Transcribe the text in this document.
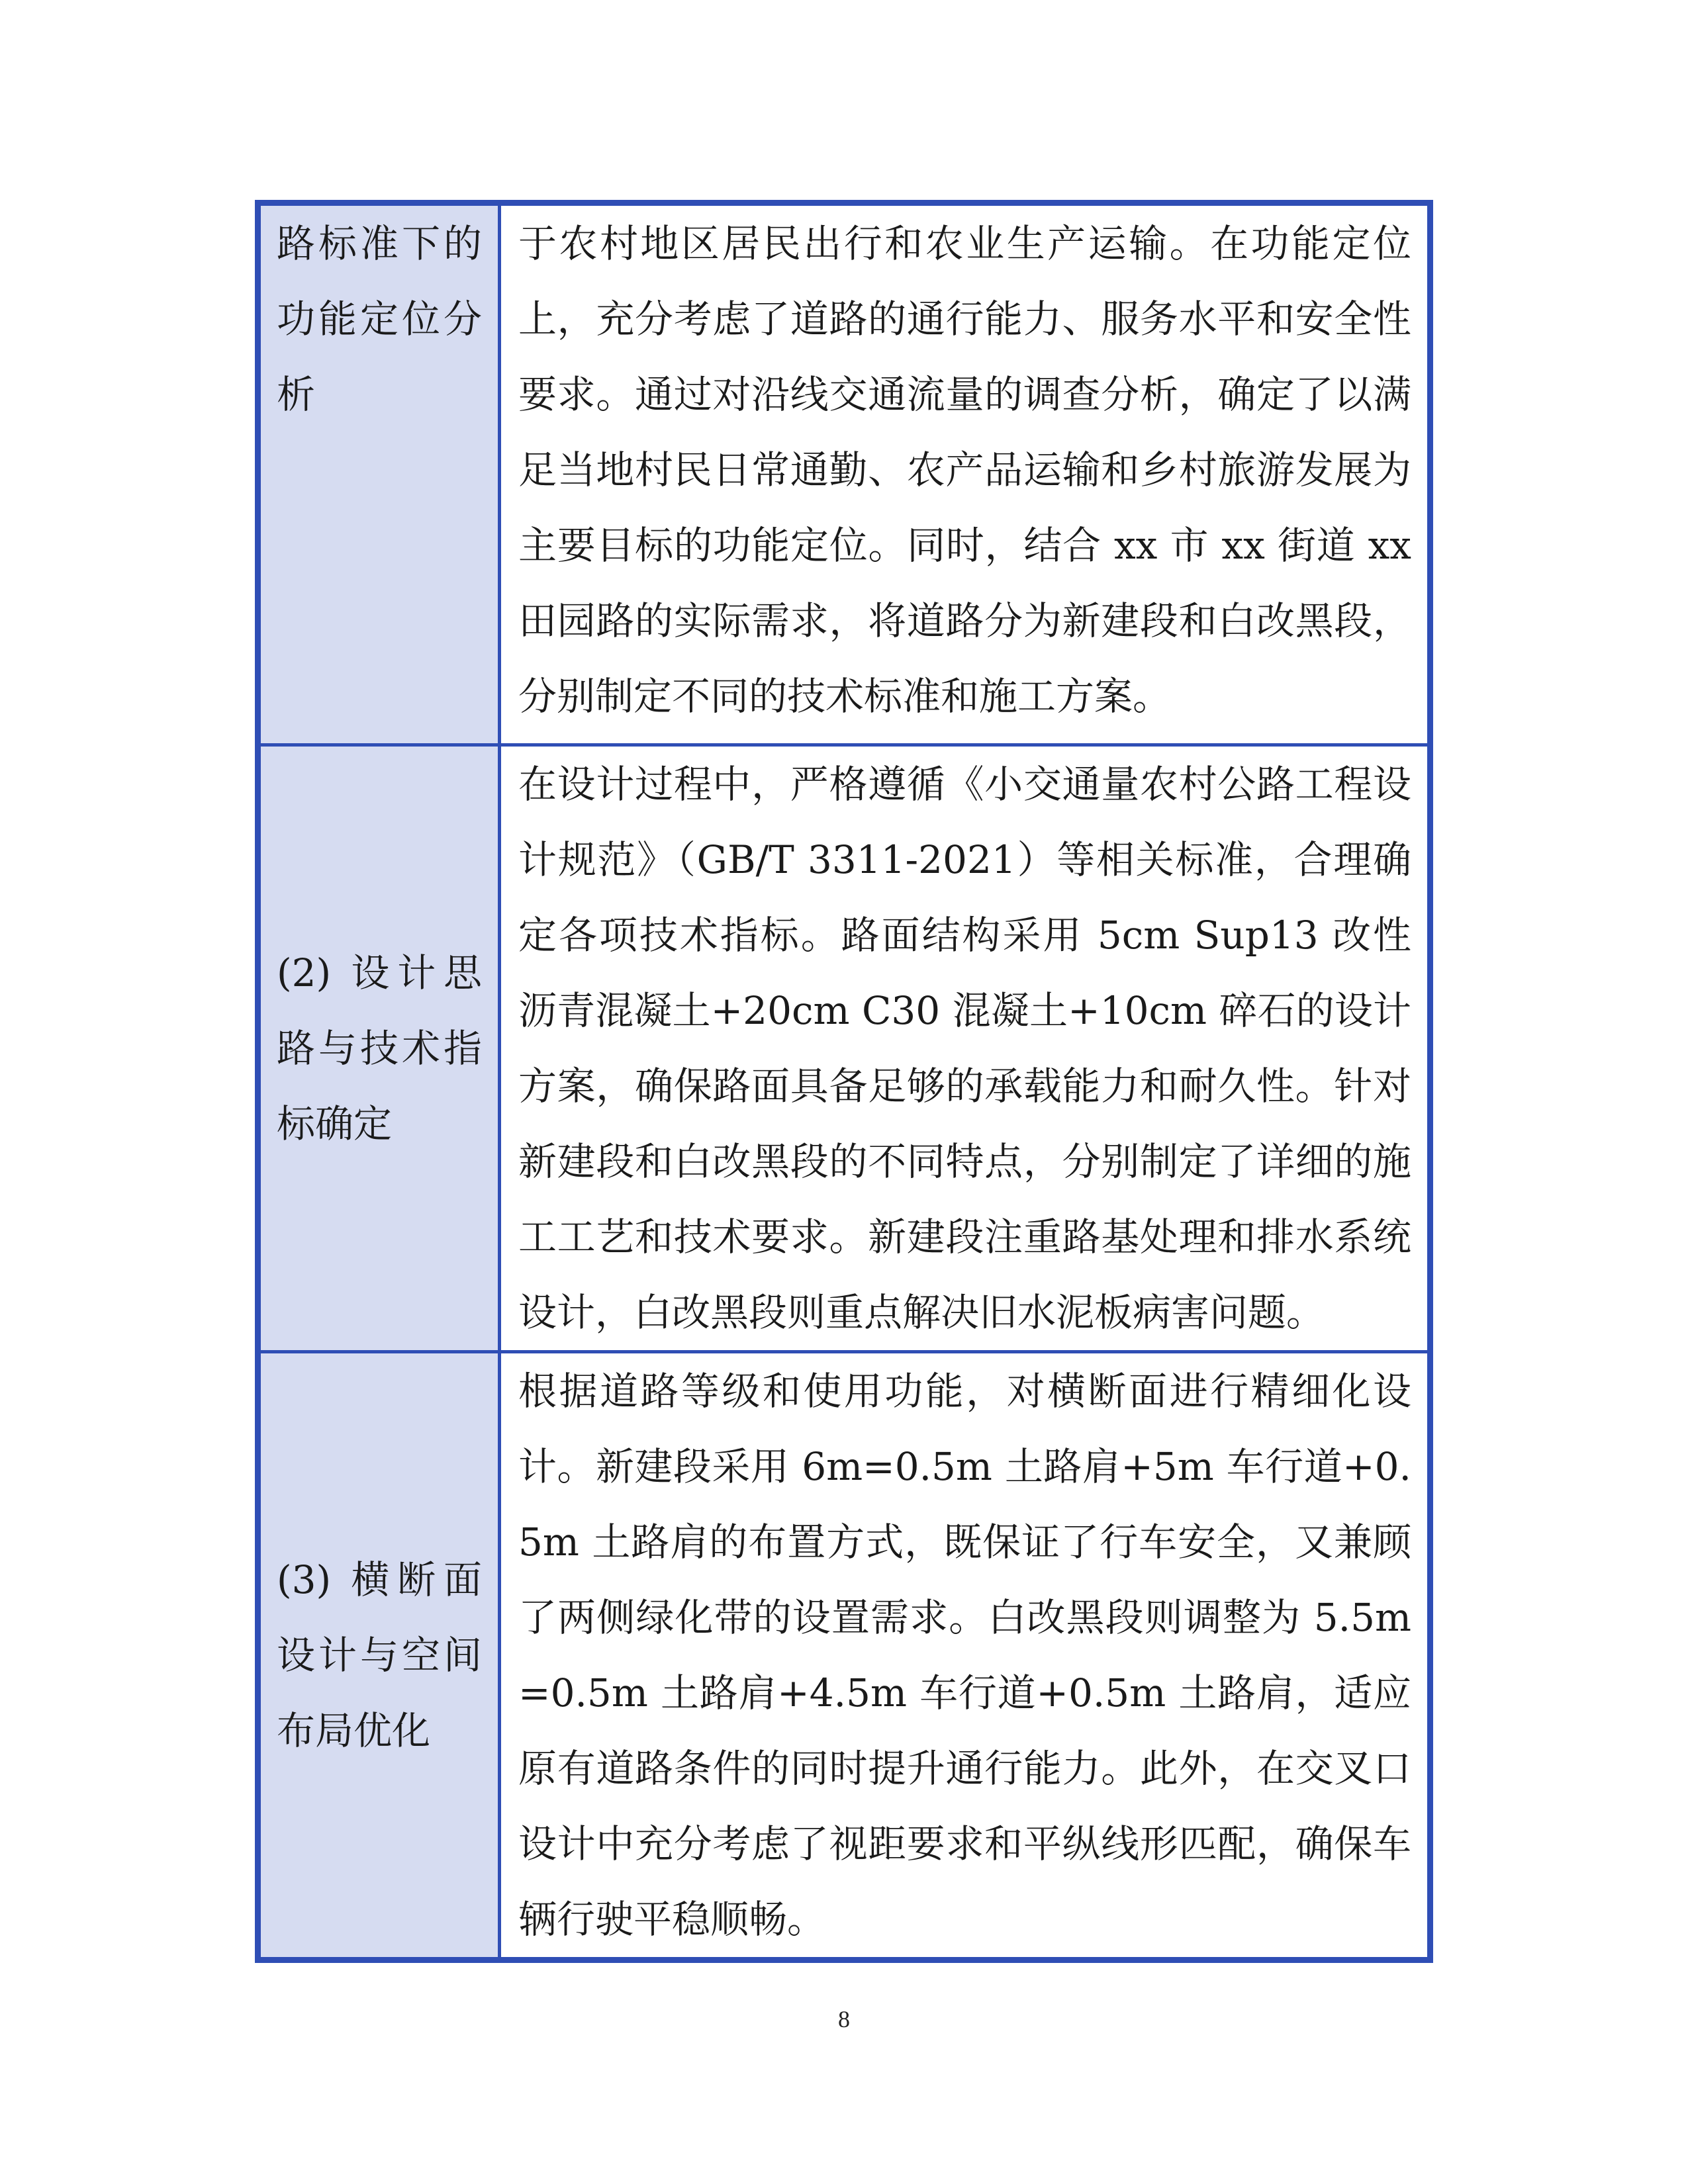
路标准下的功能定位分析	于农村地区居民出行和农业生产运输。在功能定位上，充分考虑了道路的通行能力、服务水平和安全性要求。通过对沿线交通流量的调查分析，确定了以满足当地村民日常通勤、农产品运输和乡村旅游发展为主要目标的功能定位。同时，结合 xx 市 xx 街道 xx 田园路的实际需求，将道路分为新建段和白改黑段，分别制定不同的技术标准和施工方案。
(2) 设计思路与技术指标确定	在设计过程中，严格遵循《小交通量农村公路工程设计规范》（GB/T 3311-2021）等相关标准，合理确定各项技术指标。路面结构采用 5cm Sup13 改性沥青混凝土+20cm C30 混凝土+10cm 碎石的设计方案，确保路面具备足够的承载能力和耐久性。针对新建段和白改黑段的不同特点，分别制定了详细的施工工艺和技术要求。新建段注重路基处理和排水系统设计，白改黑段则重点解决旧水泥板病害问题。
(3) 横断面设计与空间布局优化	根据道路等级和使用功能，对横断面进行精细化设计。新建段采用 6m=0.5m 土路肩+5m 车行道+0.5m 土路肩的布置方式，既保证了行车安全，又兼顾了两侧绿化带的设置需求。白改黑段则调整为 5.5m=0.5m 土路肩+4.5m 车行道+0.5m 土路肩，适应原有道路条件的同时提升通行能力。此外，在交叉口设计中充分考虑了视距要求和平纵线形匹配，确保车辆行驶平稳顺畅。
8
